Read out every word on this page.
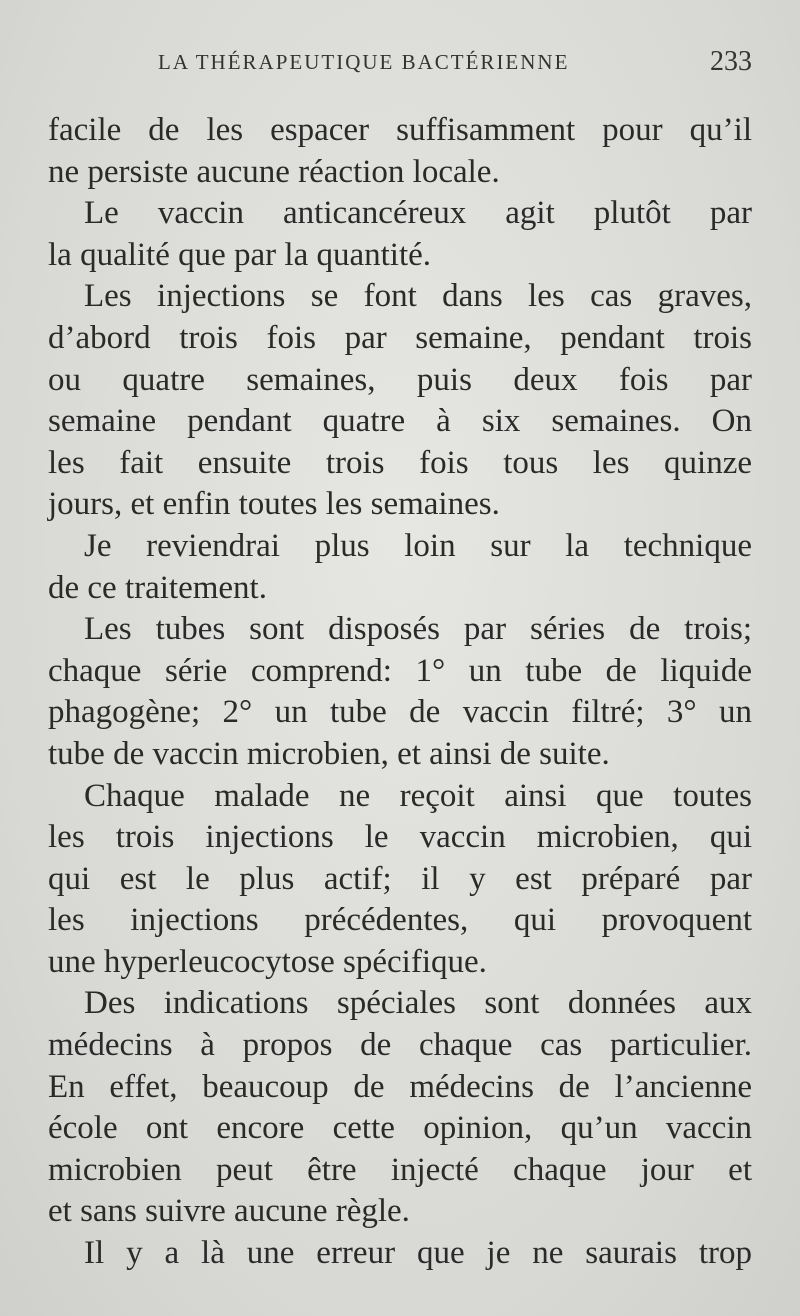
LA THÉRAPEUTIQUE BACTÉRIENNE	233
facile de les espacer suffisamment pour qu’il
ne persiste aucune réaction locale.
Le vaccin anticancéreux agit plutôt par
la qualité que par la quantité.
Les injections se font dans les cas graves,
d’abord trois fois par semaine, pendant trois
ou quatre semaines, puis deux fois par
semaine pendant quatre à six semaines. On
les fait ensuite trois fois tous les quinze
jours, et enfin toutes les semaines.
Je reviendrai plus loin sur la technique
de ce traitement.
Les tubes sont disposés par séries de trois;
chaque série comprend: 1° un tube de liquide
phagogène; 2° un tube de vaccin filtré; 3° un
tube de vaccin microbien, et ainsi de suite.
Chaque malade ne reçoit ainsi que toutes
les trois injections le vaccin microbien, qui
qui est le plus actif; il y est préparé par
les injections précédentes, qui provoquent
une hyperleucocytose spécifique.
Des indications spéciales sont données aux
médecins à propos de chaque cas particulier.
En effet, beaucoup de médecins de l’ancienne
école ont encore cette opinion, qu’un vaccin
microbien peut être injecté chaque jour et
et sans suivre aucune règle.
Il y a là une erreur que je ne saurais trop
